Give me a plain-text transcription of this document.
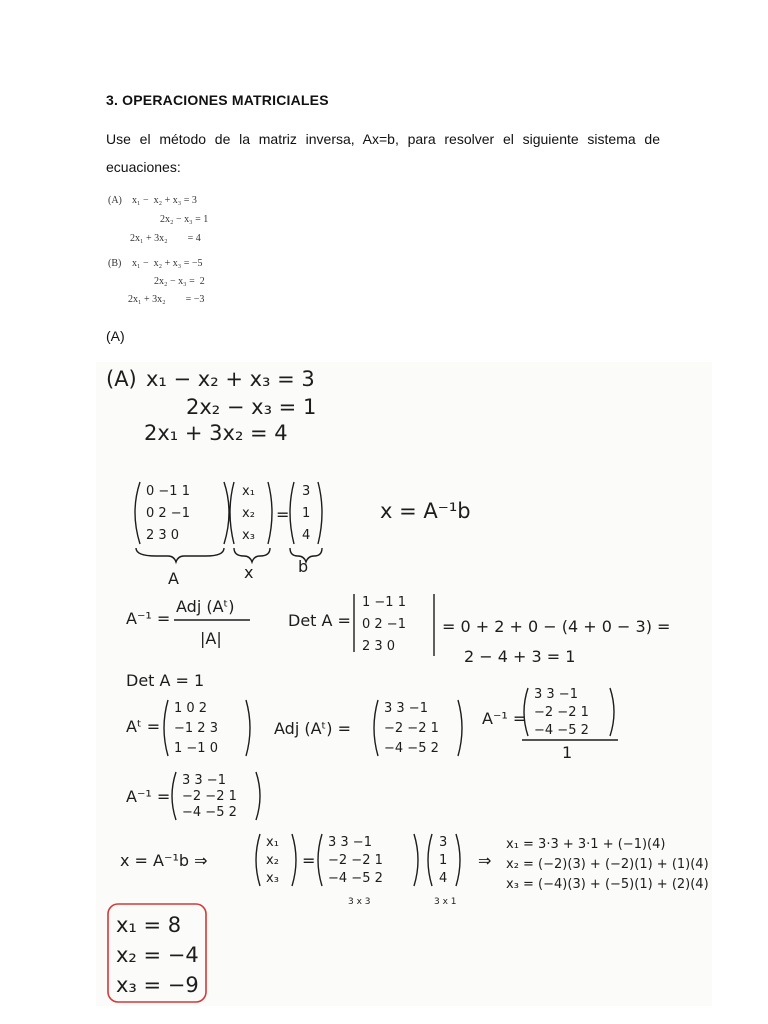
3. OPERACIONES MATRICIALES
Use el método de la matriz inversa, Ax=b, para resolver el siguiente sistema de ecuaciones:
(A) x₁ −  x₂ + x₃ = 3
2x₂ − x₃ = 1
2x₁ + 3x₂        = 4
(B) x₁ −  x₂ + x₃ = −5
2x₂ − x₃ =  2
2x₁ + 3x₂        = −3
(A)
(A) x₁ − x₂ + x₃ = 3
2x₂ − x₃ = 1
2x₁ + 3x₂ = 4
0 −1 1
0 2 −1
2 3 0
x₁
x₂
x₃
=
3
1
4
A	x	b
x = A⁻¹b
A⁻¹ =
Adj (Aᵗ)
|A|
Det A =
1 −1 1
0 2 −1
2 3 0
= 0 + 2 + 0 − (4 + 0 − 3) =
2 − 4 + 3 = 1
Det A = 1
Aᵗ =
1 0 2
−1 2 3
1 −1 0
Adj (Aᵗ) =
3 3 −1
−2 −2 1
−4 −5 2
A⁻¹ =
3 3 −1
−2 −2 1
−4 −5 2
1
A⁻¹ =
3 3 −1
−2 −2 1
−4 −5 2
x = A⁻¹b ⇒
x₁
x₂
x₃
=
3 3 −1
−2 −2 1
−4 −5 2
3
1
4
3 x 3	3 x 1
⇒
x₁ = 3·3 + 3·1 + (−1)(4)
x₂ = (−2)(3) + (−2)(1) + (1)(4)
x₃ = (−4)(3) + (−5)(1) + (2)(4)
x₁ = 8
x₂ = −4
x₃ = −9
